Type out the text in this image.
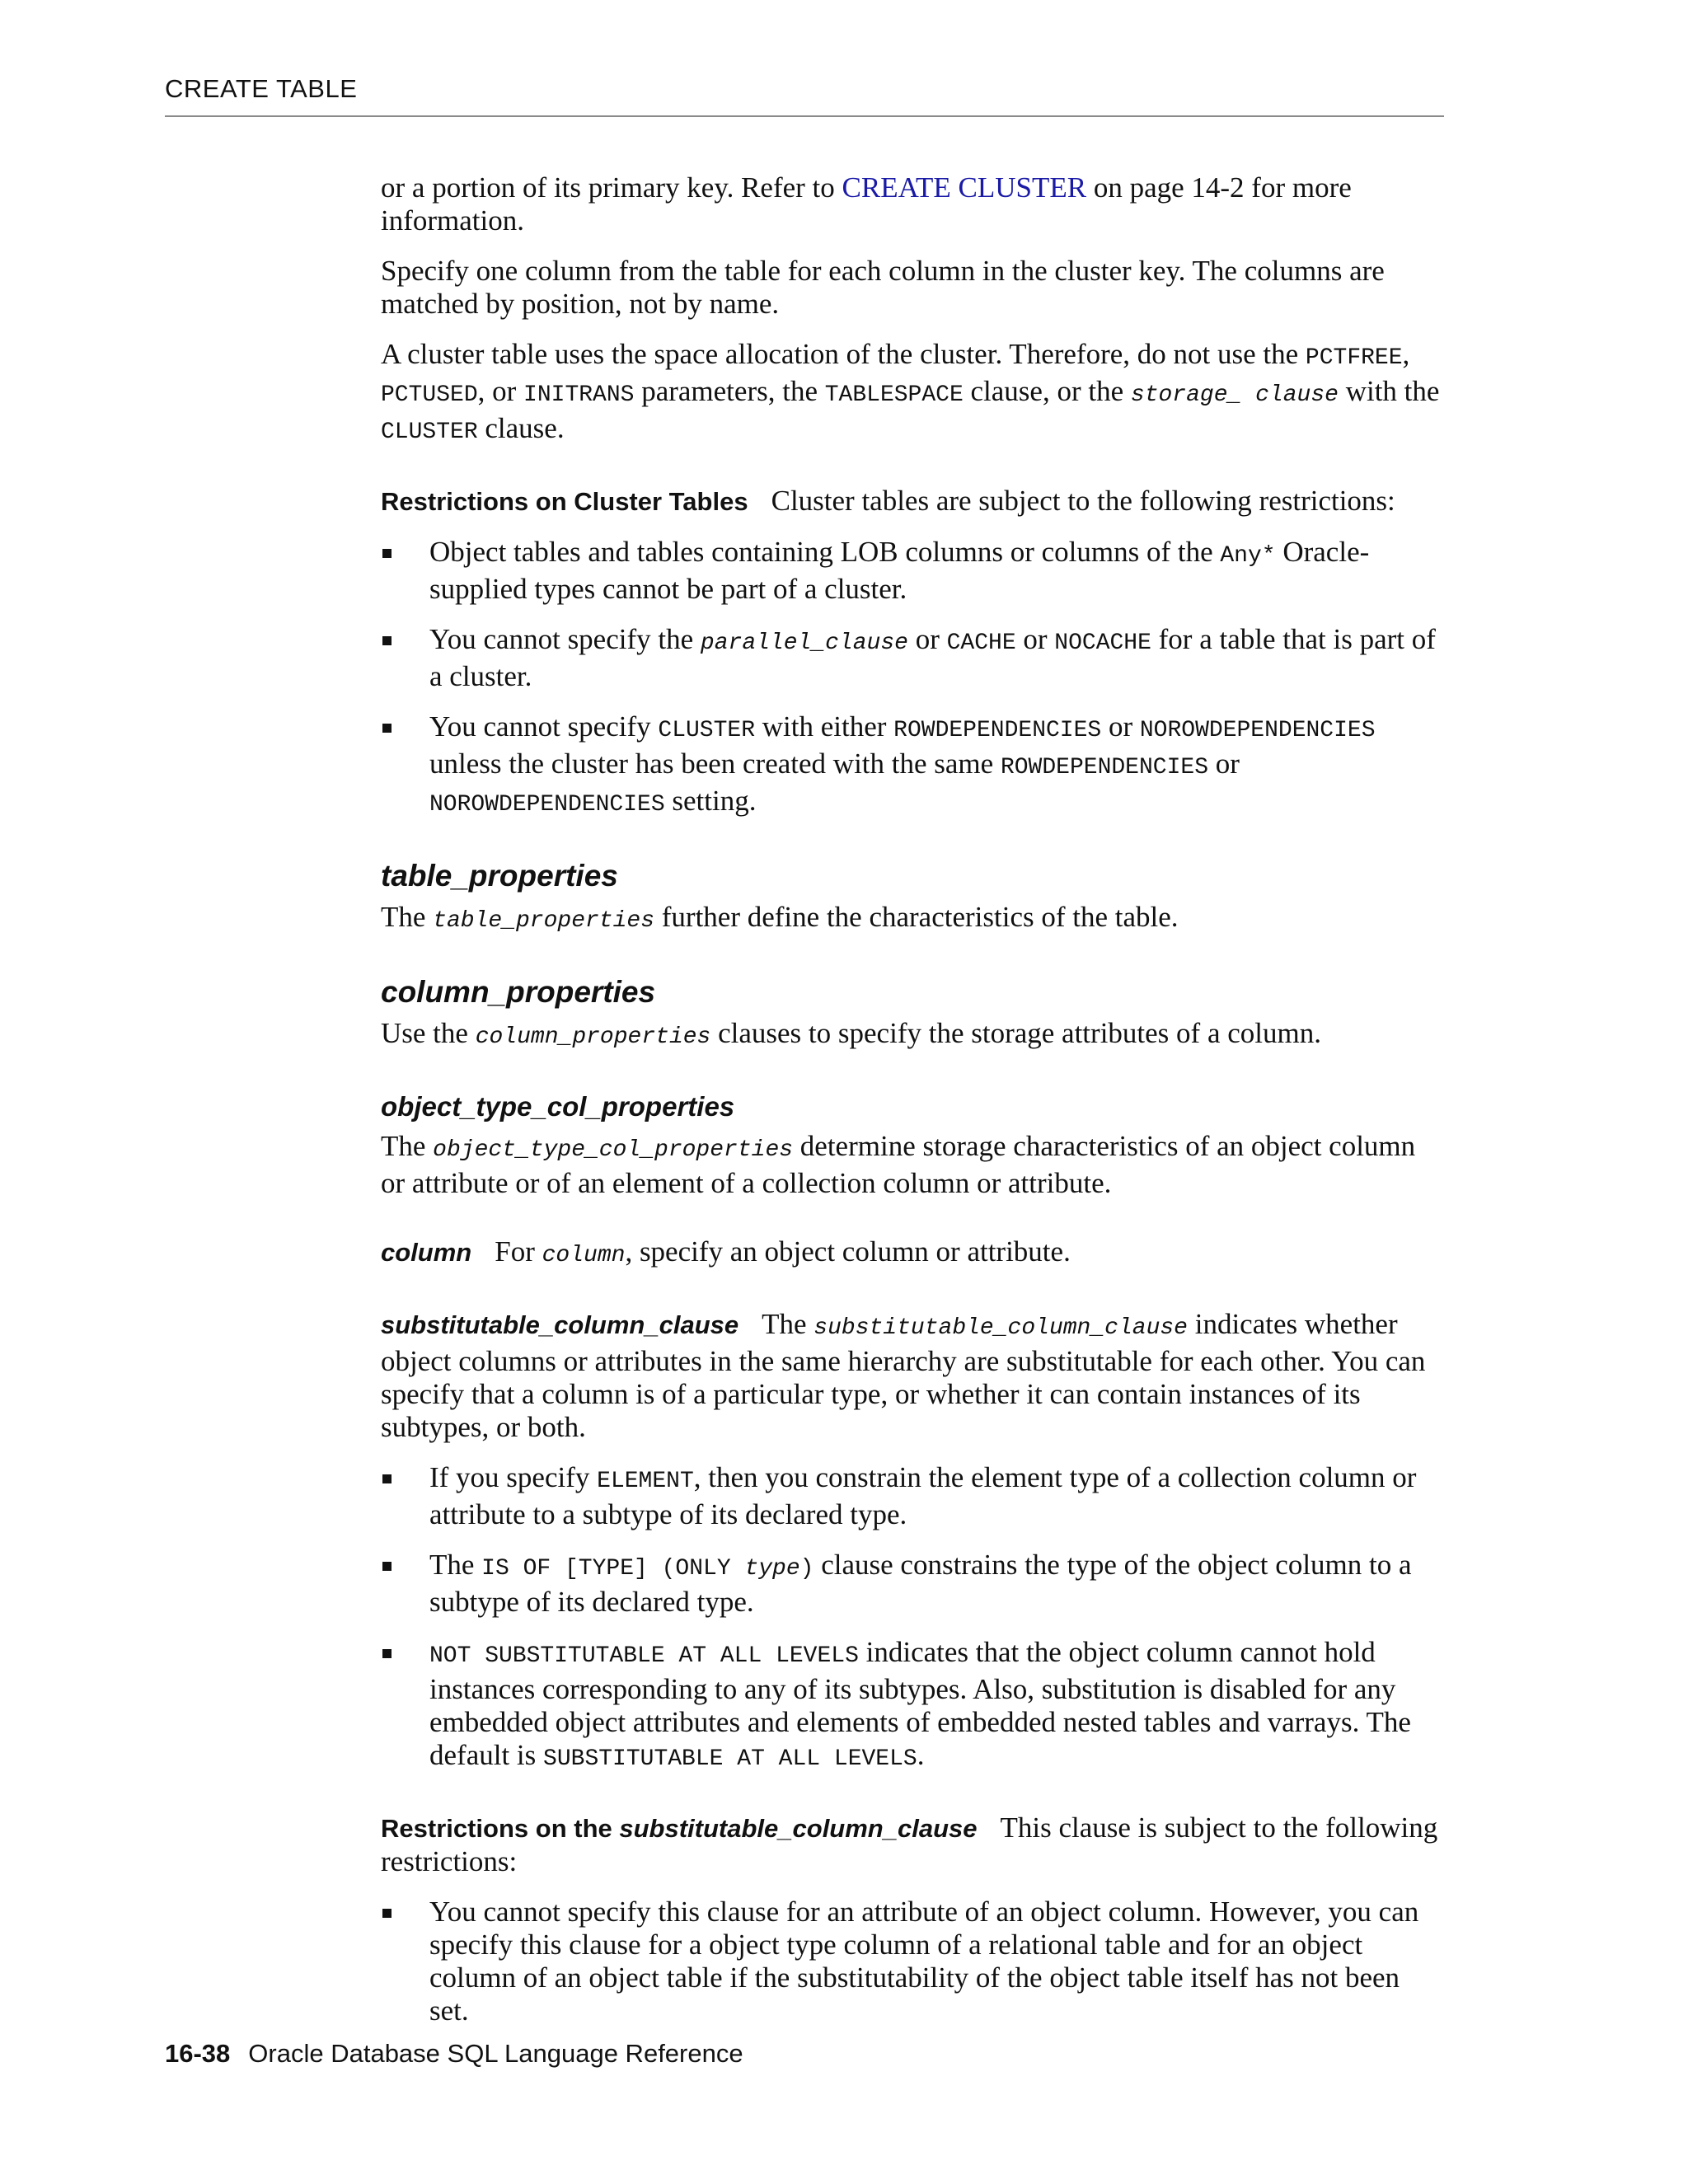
CREATE TABLE

or a portion of its primary key. Refer to CREATE CLUSTER on page 14-2 for more information.

Specify one column from the table for each column in the cluster key. The columns are matched by position, not by name.

A cluster table uses the space allocation of the cluster. Therefore, do not use the PCTFREE, PCTUSED, or INITRANS parameters, the TABLESPACE clause, or the storage_ clause with the CLUSTER clause.

Restrictions on Cluster Tables Cluster tables are subject to the following restrictions:

Object tables and tables containing LOB columns or columns of the Any* Oracle-supplied types cannot be part of a cluster.
You cannot specify the parallel_clause or CACHE or NOCACHE for a table that is part of a cluster.
You cannot specify CLUSTER with either ROWDEPENDENCIES or NOROWDEPENDENCIES unless the cluster has been created with the same ROWDEPENDENCIES or NOROWDEPENDENCIES setting.
table_properties

The table_properties further define the characteristics of the table.

column_properties

Use the column_properties clauses to specify the storage attributes of a column.

object_type_col_properties

The object_type_col_properties determine storage characteristics of an object column or attribute or of an element of a collection column or attribute.

column For column, specify an object column or attribute.

substitutable_column_clause The substitutable_column_clause indicates whether object columns or attributes in the same hierarchy are substitutable for each other. You can specify that a column is of a particular type, or whether it can contain instances of its subtypes, or both.

If you specify ELEMENT, then you constrain the element type of a collection column or attribute to a subtype of its declared type.
The IS OF [TYPE] (ONLY type) clause constrains the type of the object column to a subtype of its declared type.
NOT SUBSTITUTABLE AT ALL LEVELS indicates that the object column cannot hold instances corresponding to any of its subtypes. Also, substitution is disabled for any embedded object attributes and elements of embedded nested tables and varrays. The default is SUBSTITUTABLE AT ALL LEVELS.

Restrictions on the substitutable_column_clause This clause is subject to the following restrictions:

You cannot specify this clause for an attribute of an object column. However, you can specify this clause for a object type column of a relational table and for an object column of an object table if the substitutability of the object table itself has not been set.
16-38 Oracle Database SQL Language Reference
